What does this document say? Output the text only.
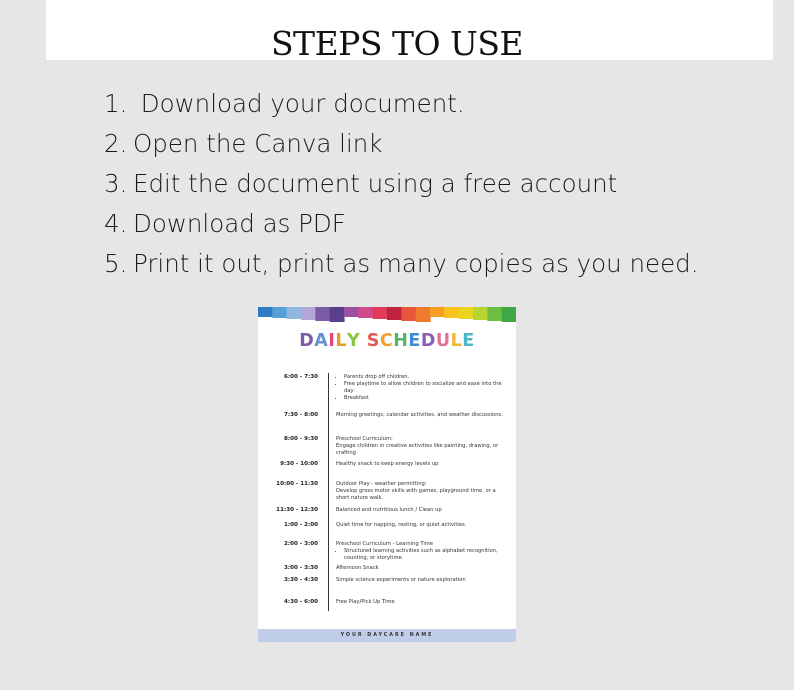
STEPS TO USE
1. Download your document.
2. Open the Canva link
3. Edit the document using a free account
4. Download as PDF
5. Print it out, print as many copies as you need.
DAILY SCHEDULE
6:00 - 7:30
•	Parents drop off children.
• Free playtime to allow children to socialize and ease into the day
• Breakfast
7:30 - 8:00	Morning greetings, calendar activities, and weather discussions.
8:00 - 9:30	Preschool Curriculum:
Engage children in creative activities like painting, drawing, or crafting
9:30 - 10:00	Healthy snack to keep energy levels up
10:00 - 11:30	Outdoor Play - weather permitting:
Develop gross motor skills with games, playground time, or a short nature walk.
11:30 - 12:30	Balanced and nutritious lunch / Clean up
1:00 - 2:00	Quiet time for napping, resting, or quiet activities.
2:00 - 3:00	Preschool Curriculum - Learning Time
• Structured learning activities such as alphabet recognition, counting, or storytime.
3:00 - 3:30	Afternoon Snack
3:30 - 4:30	Simple science experiments or nature exploration
4:30 - 6:00	Free Play/Pick Up Time
YOUR DAYCARE NAME
